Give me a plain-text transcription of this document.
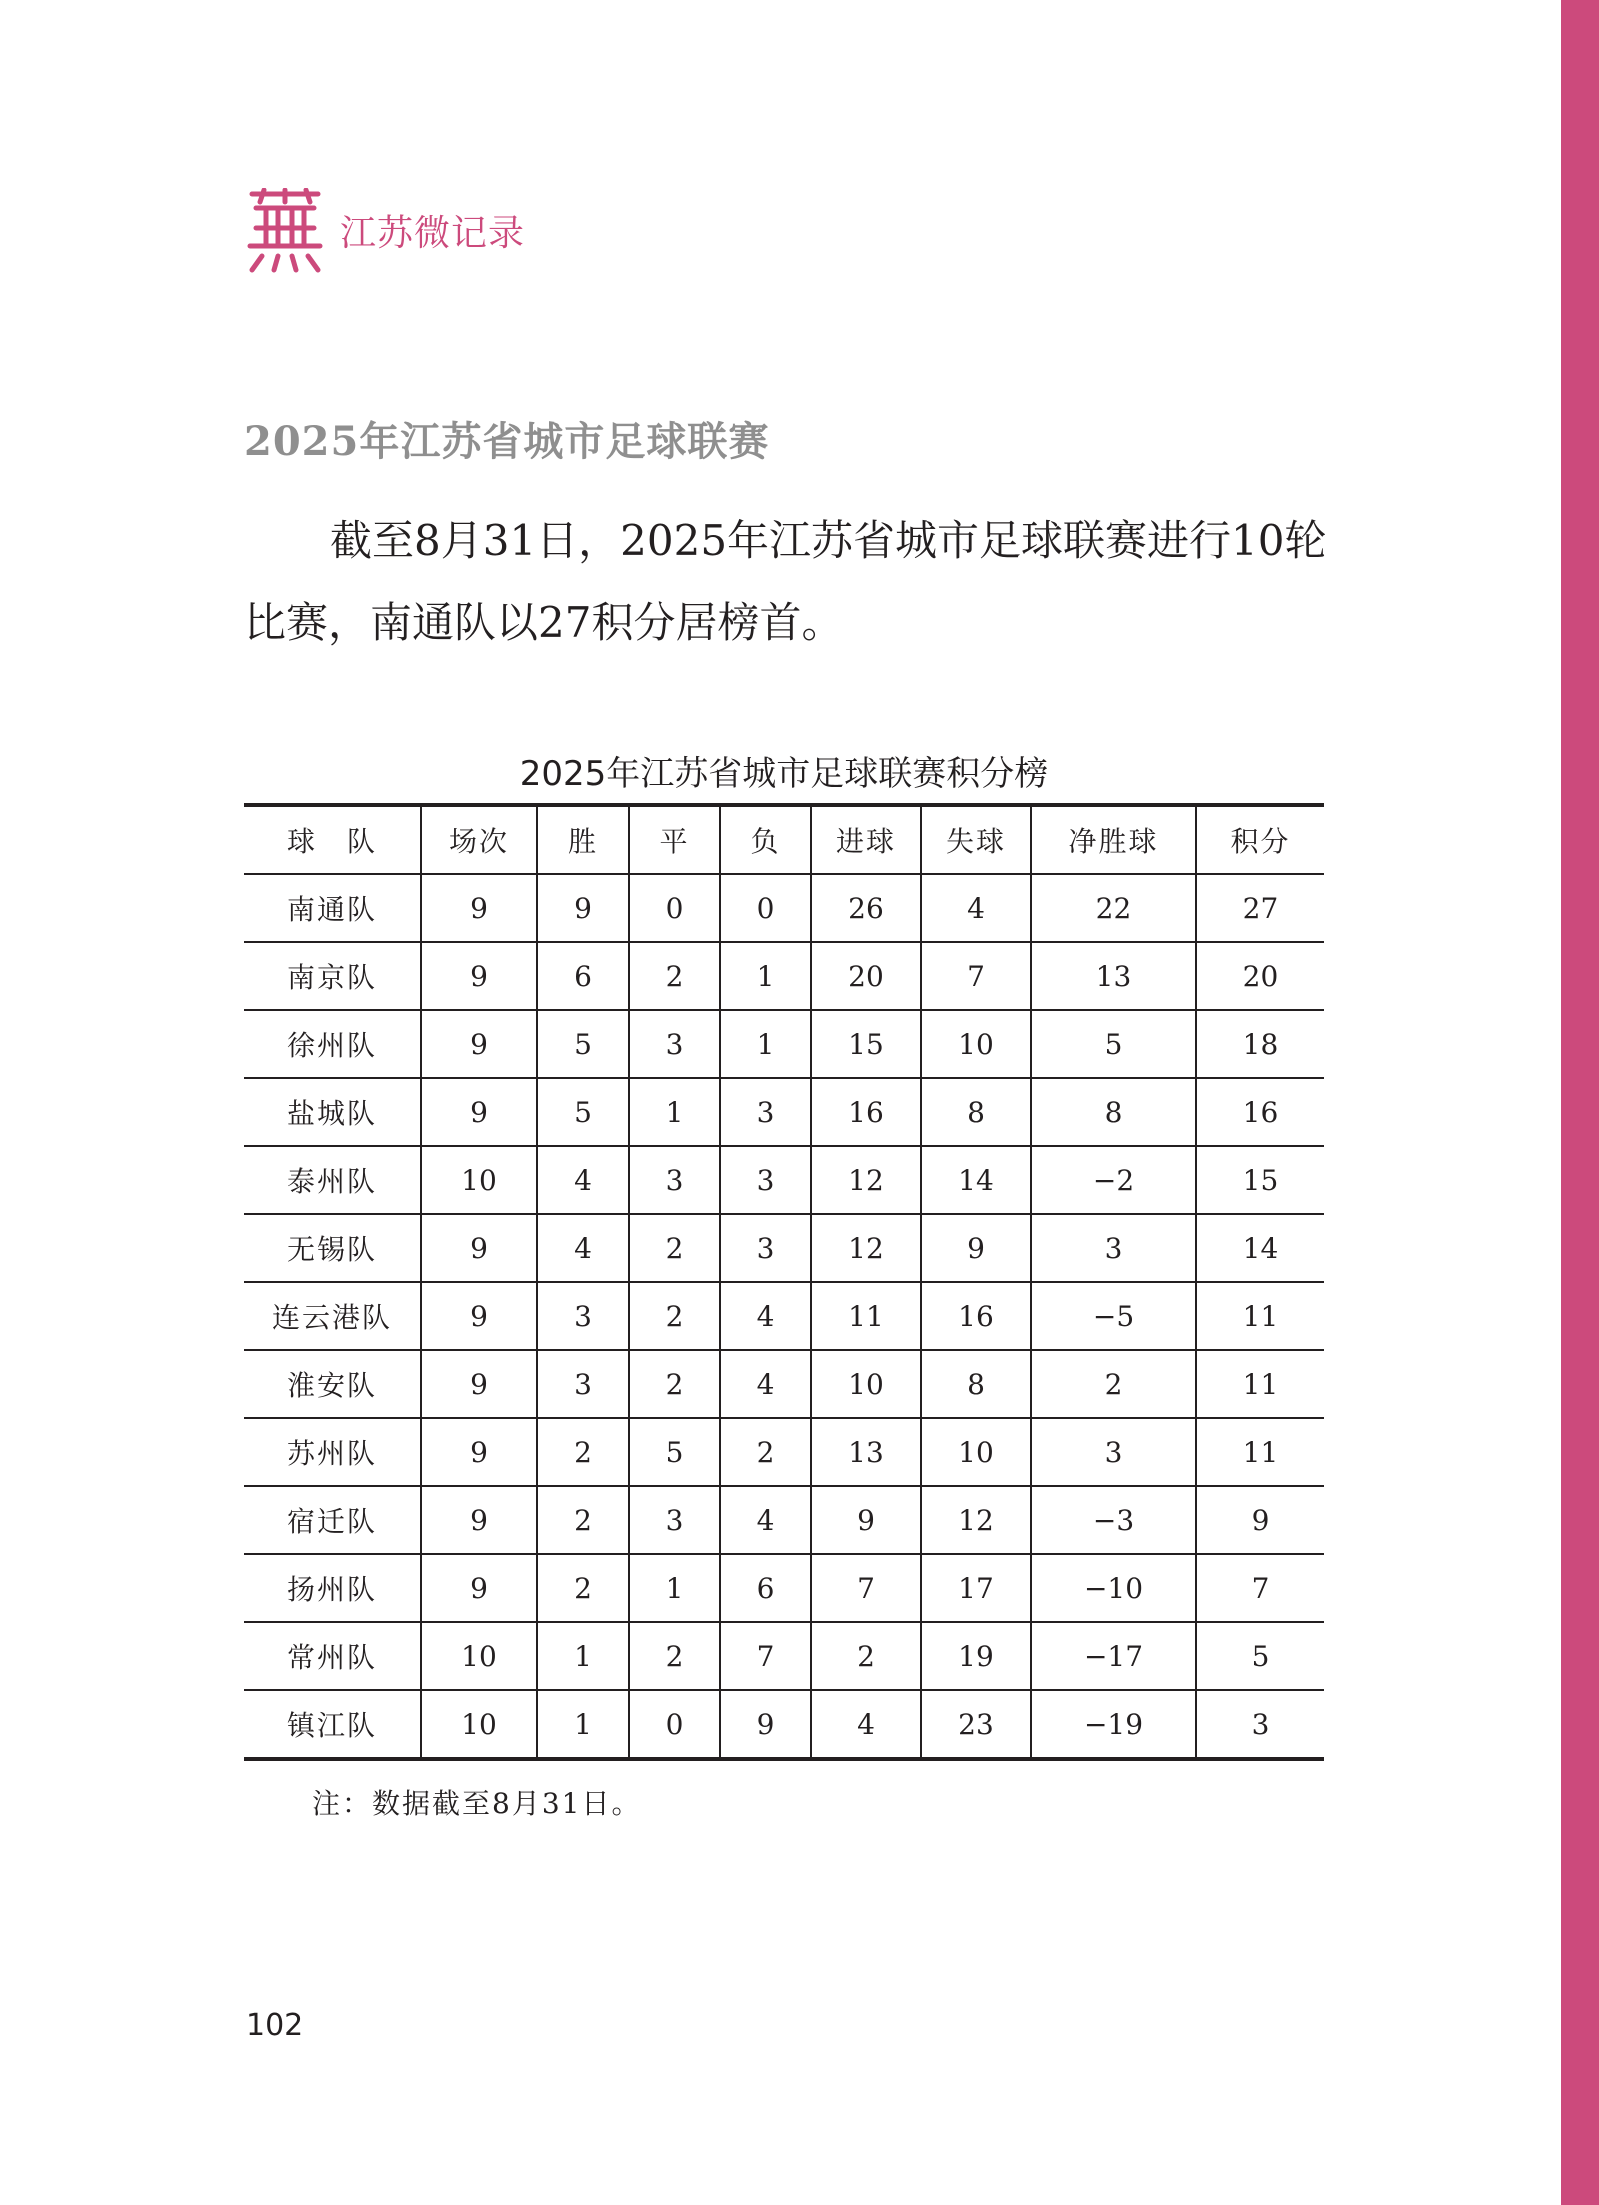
江苏微记录
2025年江苏省城市足球联赛
截至8月31日，2025年江苏省城市足球联赛进行10轮比赛，南通队以27积分居榜首。
2025年江苏省城市足球联赛积分榜
球　队	场次	胜	平	负	进球	失球	净胜球	积分
南通队	9	9	0	0	26	4	22	27
南京队	9	6	2	1	20	7	13	20
徐州队	9	5	3	1	15	10	5	18
盐城队	9	5	1	3	16	8	8	16
泰州队	10	4	3	3	12	14	−2	15
无锡队	9	4	2	3	12	9	3	14
连云港队	9	3	2	4	11	16	−5	11
淮安队	9	3	2	4	10	8	2	11
苏州队	9	2	5	2	13	10	3	11
宿迁队	9	2	3	4	9	12	−3	9
扬州队	9	2	1	6	7	17	−10	7
常州队	10	1	2	7	2	19	−17	5
镇江队	10	1	0	9	4	23	−19	3
注：数据截至8月31日。
102
